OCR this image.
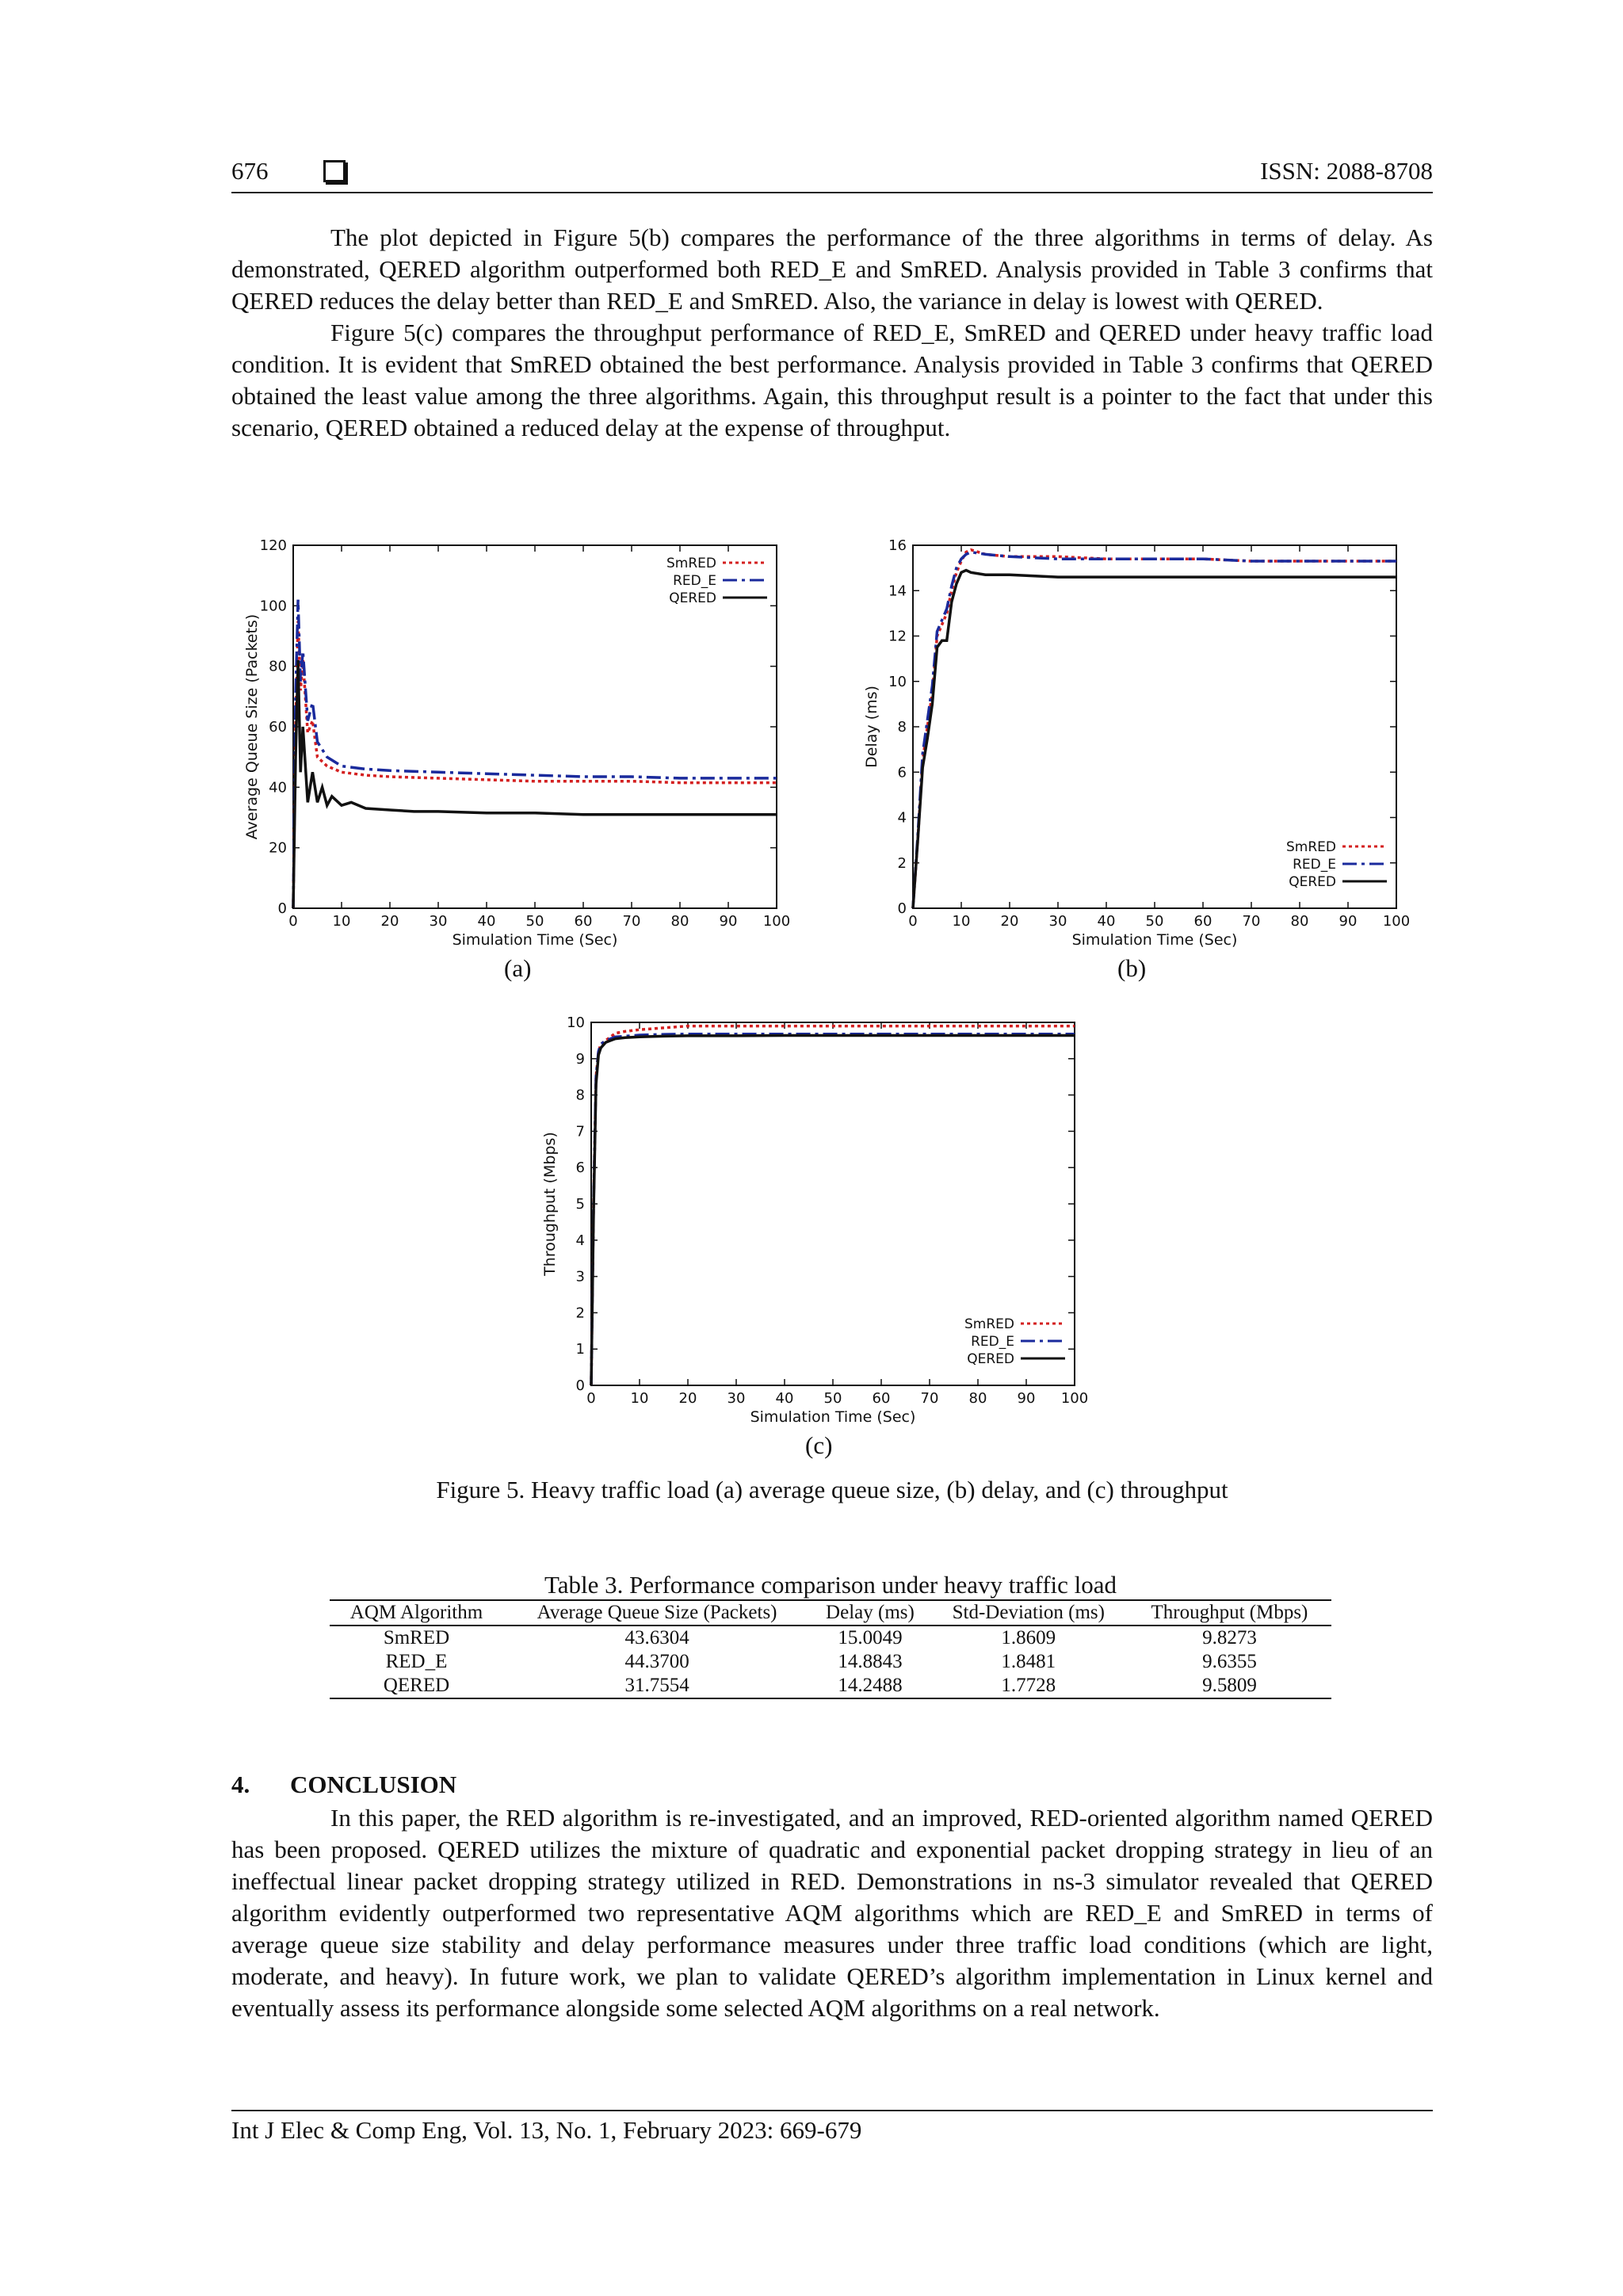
676	ISSN: 2088-8708

The plot depicted in Figure 5(b) compares the performance of the three algorithms in terms of delay. As demonstrated, QERED algorithm outperformed both RED_E and SmRED. Analysis provided in Table 3 confirms that QERED reduces the delay better than RED_E and SmRED. Also, the variance in delay is lowest with QERED.

Figure 5(c) compares the throughput performance of RED_E, SmRED and QERED under heavy traffic load condition. It is evident that SmRED obtained the best performance. Analysis provided in Table 3 confirms that QERED obtained the least value among the three algorithms. Again, this throughput result is a pointer to the fact that under this scenario, QERED obtained a reduced delay at the expense of throughput.

0 10 20 30 40 50 60 70 80 90 100
0
20
40
60
80
100
120
Simulation Time (Sec)
Average Queue Size (Packets)
SmRED
RED_E
QERED
(a)
0 10 20 30 40 50 60 70 80 90 100
0
2
4
6
8
10
12
14
16
Simulation Time (Sec)
Delay (ms)
SmRED
RED_E
QERED
(b)
0 10 20 30 40 50 60 70 80 90 100
0
1
2
3
4
5
6
7
8
9
10
Simulation Time (Sec)
Throughput (Mbps)
SmRED
RED_E
QERED
(c)
Figure 5. Heavy traffic load (a) average queue size, (b) delay, and (c) throughput
Table 3. Performance comparison under heavy traffic load
AQM Algorithm	Average Queue Size (Packets)	Delay (ms)	Std-Deviation (ms)	Throughput (Mbps)
SmRED	43.6304	15.0049	1.8609	9.8273
RED_E	44.3700	14.8843	1.8481	9.6355
QERED	31.7554	14.2488	1.7728	9.5809
4. CONCLUSION

In this paper, the RED algorithm is re-investigated, and an improved, RED-oriented algorithm named QERED has been proposed. QERED utilizes the mixture of quadratic and exponential packet dropping strategy in lieu of an ineffectual linear packet dropping strategy utilized in RED. Demonstrations in ns-3 simulator revealed that QERED algorithm evidently outperformed two representative AQM algorithms which are RED_E and SmRED in terms of average queue size stability and delay performance measures under three traffic load conditions (which are light, moderate, and heavy). In future work, we plan to validate QERED’s algorithm implementation in Linux kernel and eventually assess its performance alongside some selected AQM algorithms on a real network.

Int J Elec & Comp Eng, Vol. 13, No. 1, February 2023: 669-679
